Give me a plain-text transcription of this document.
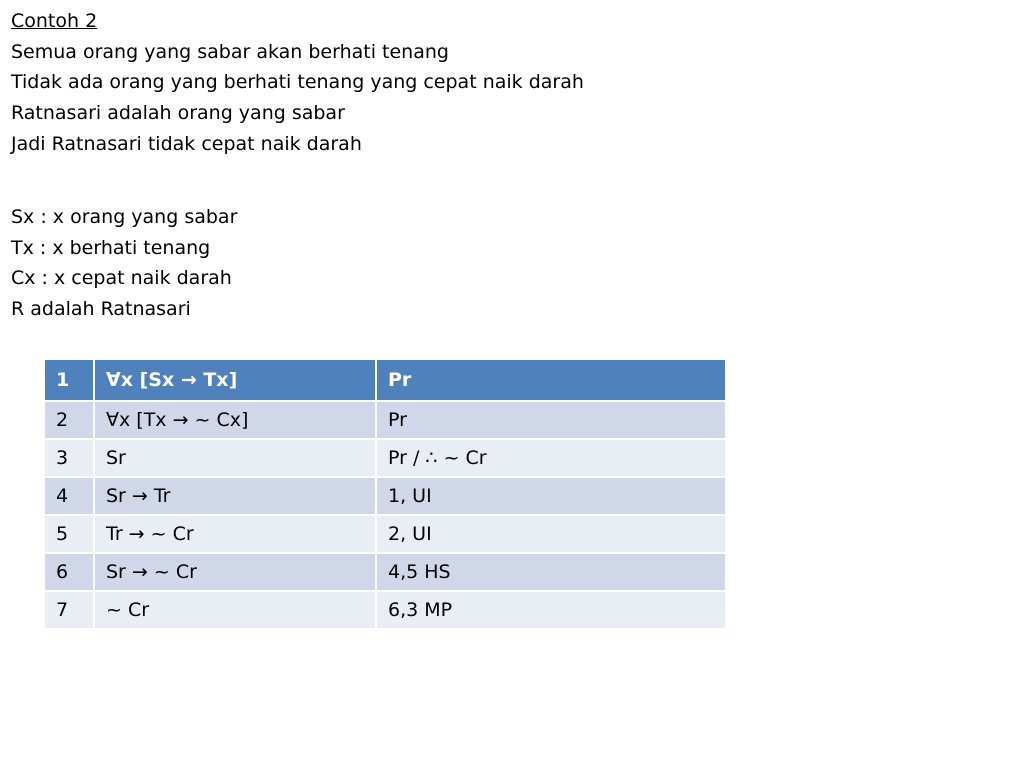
Contoh 2
Semua orang yang sabar akan berhati tenang
Tidak ada orang yang berhati tenang yang cepat naik darah
Ratnasari adalah orang yang sabar
Jadi Ratnasari tidak cepat naik darah
Sx : x orang yang sabar
Tx : x berhati tenang
Cx : x cepat naik darah
R adalah Ratnasari
1	∀x [Sx → Tx]	Pr
2	∀x [Tx → ~ Cx]	Pr
3	Sr	Pr / ∴ ~ Cr
4	Sr → Tr	1, UI
5	Tr → ~ Cr	2, UI
6	Sr → ~ Cr	4,5 HS
7	~ Cr	6,3 MP
